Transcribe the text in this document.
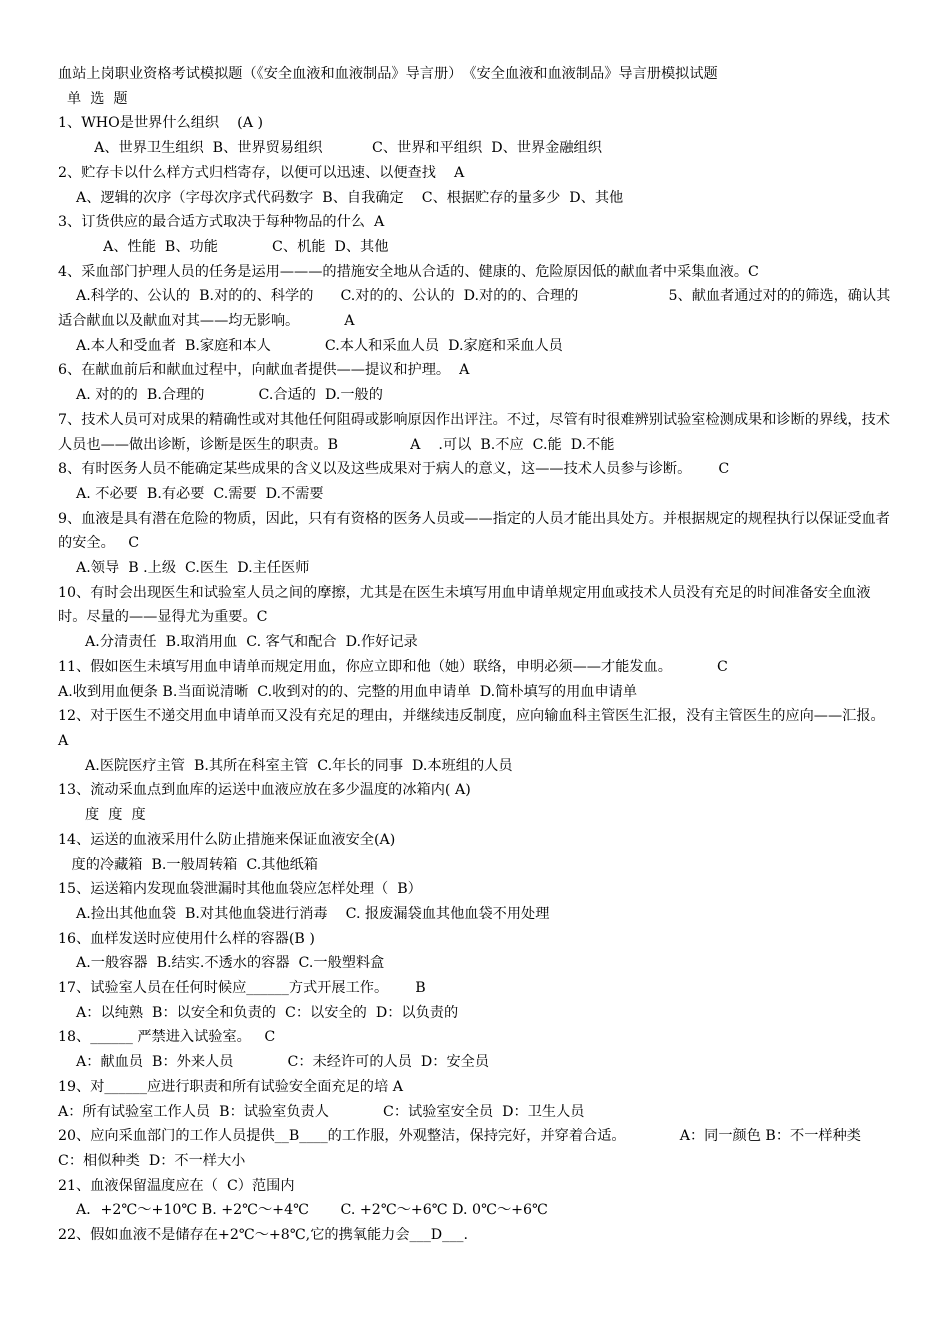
血站上岗职业资格考试模拟题（《安全血液和血液制品》导言册）　《安全血液和血液制品》导言册模拟试题
单  选  题
1、WHO是世界什么组织    (A )
A、世界卫生组织  B、世界贸易组织           C、世界和平组织  D、世界金融组织
2、贮存卡以什么样方式归档寄存，以便可以迅速、以便查找    A
A、逻辑的次序（字母次序式代码数字  B、自我确定    C、根据贮存的量多少  D、其他
3、订货供应的最合适方式取决于每种物品的什么  A
A、性能  B、功能            C、机能  D、其他
4、采血部门护理人员的任务是运用———的措施安全地从合适的、健康的、危险原因低的献血者中采集血液。C
A.科学的、公认的  B.对的的、科学的      C.对的的、公认的  D.对的的、合理的                    5、献血者通过对的的筛选，确认其适合献血以及献血对其——均无影响。          A
A.本人和受血者  B.家庭和本人            C.本人和采血人员  D.家庭和采血人员
6、在献血前后和献血过程中，向献血者提供——提议和护理。  A
A. 对的的  B.合理的            C.合适的  D.一般的
7、技术人员可对成果的精确性或对其他任何阻碍或影响原因作出评注。不过，尽管有时很难辨别试验室检测成果和诊断的界线，技术人员也——做出诊断，诊断是医生的职责。B                A    .可以  B.不应  C.能  D.不能
8、有时医务人员不能确定某些成果的含义以及这些成果对于病人的意义，这——技术人员参与诊断。      C
A. 不必要  B.有必要  C.需要  D.不需要
9、血液是具有潜在危险的物质，因此，只有有资格的医务人员或——指定的人员才能出具处方。并根据规定的规程执行以保证受血者的安全。   C
A.领导  B .上级  C.医生  D.主任医师
10、有时会出现医生和试验室人员之间的摩擦，尤其是在医生未填写用血申请单规定用血或技术人员没有充足的时间准备安全血液时。尽量的——显得尤为重要。C
A.分清责任  B.取消用血  C. 客气和配合  D.作好记录
11、假如医生未填写用血申请单而规定用血，你应立即和他（她）联络，申明必须——才能发血。          C
A.收到用血便条 B.当面说清晰  C.收到对的的、完整的用血申请单  D.简朴填写的用血申请单
12、对于医生不递交用血申请单而又没有充足的理由，并继续违反制度，应向输血科主管医生汇报，没有主管医生的应向——汇报。        A
A.医院医疗主管  B.其所在科室主管  C.年长的同事  D.本班组的人员
13、流动采血点到血库的运送中血液应放在多少温度的冰箱内( A)
度  度  度
14、运送的血液采用什么防止措施来保证血液安全(A)
度的冷藏箱  B.一般周转箱  C.其他纸箱
15、运送箱内发现血袋泄漏时其他血袋应怎样处理（  B）
A.捡出其他血袋  B.对其他血袋进行消毒    C. 报废漏袋血其他血袋不用处理
16、血样发送时应使用什么样的容器(B )
A.一般容器  B.结实.不透水的容器  C.一般塑料盒
17、试验室人员在任何时候应______方式开展工作。      B
A：以纯熟  B：以安全和负责的  C：以安全的  D：以负责的
18、______ 严禁进入试验室。   C
A：献血员  B：外来人员            C：未经许可的人员  D：安全员
19、对______应进行职责和所有试验安全面充足的培 A
A：所有试验室工作人员  B：试验室负责人            C：试验室安全员  D：卫生人员
20、应向采血部门的工作人员提供__B____的工作服，外观整洁，保持完好，并穿着合适。            A：同一颜色 B：不一样种类            C：相似种类  D：不一样大小
21、血液保留温度应在（  C）范围内
A．+2℃～+10℃ B. +2℃～+4℃       C. +2℃～+6℃ D. 0℃～+6℃
22、假如血液不是储存在+2℃～+8℃,它的携氧能力会___D___.
